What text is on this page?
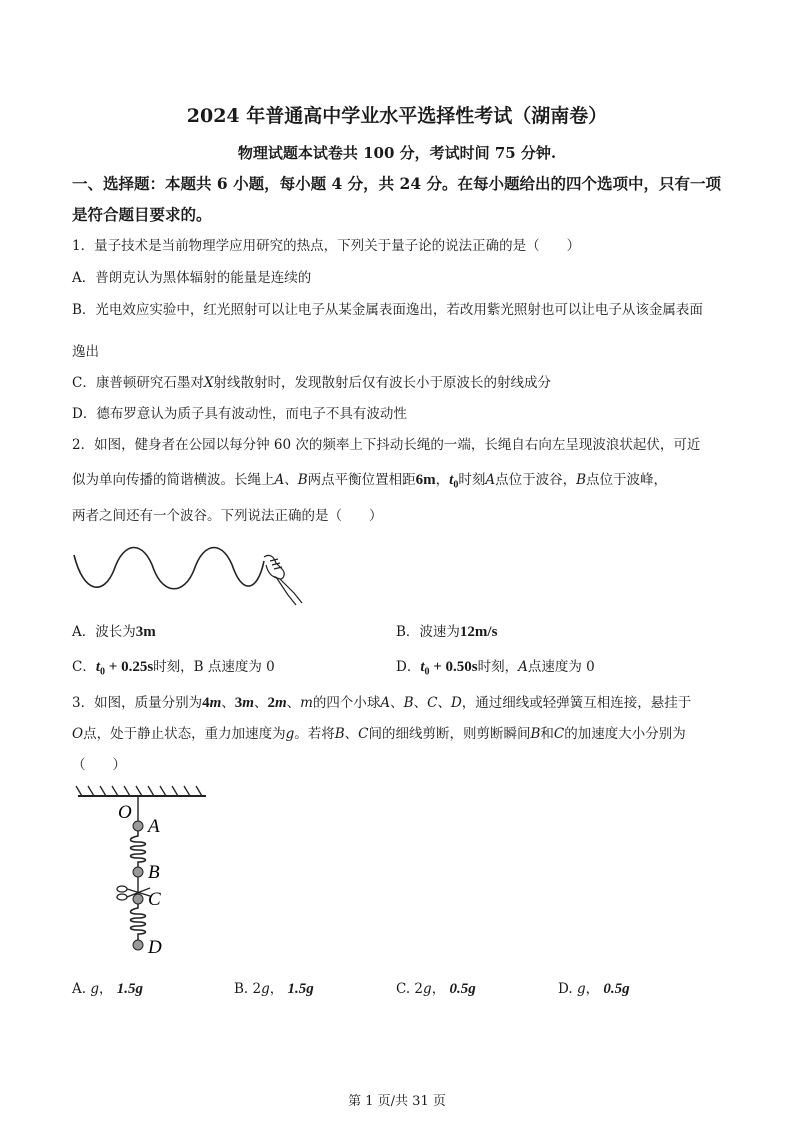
2024 年普通高中学业水平选择性考试（湖南卷）
物理试题本试卷共 100 分，考试时间 75 分钟.
一、选择题：本题共 6 小题，每小题 4 分，共 24 分。在每小题给出的四个选项中，只有一项
是符合题目要求的。
1．量子技术是当前物理学应用研究的热点，下列关于量子论的说法正确的是（　　）
A．普朗克认为黑体辐射的能量是连续的
B．光电效应实验中，红光照射可以让电子从某金属表面逸出，若改用紫光照射也可以让电子从该金属表面
逸出
C．康普顿研究石墨对X射线散射时，发现散射后仅有波长小于原波长的射线成分
D．德布罗意认为质子具有波动性，而电子不具有波动性
2．如图，健身者在公园以每分钟 60 次的频率上下抖动长绳的一端，长绳自右向左呈现波浪状起伏，可近
似为单向传播的简谐横波。长绳上A、B两点平衡位置相距6m，$t_0$时刻A点位于波谷，B点位于波峰，
两者之间还有一个波谷。下列说法正确的是（　　）
A．波长为3m	B．波速为12m/s
C．$t_0 + 0.25s$时刻，B 点速度为 0	D．$t_0 + 0.50s$时刻，A点速度为 0
3．如图，质量分别为4m、3m、2m、m的四个小球A、B、C、D，通过细线或轻弹簧互相连接，悬挂于
O点，处于静止状态，重力加速度为g。若将B、C间的细线剪断，则剪断瞬间B和C的加速度大小分别为
（　　）
O
A
B
C
D
A. g， 1.5g	B. 2g， 1.5g	C. 2g， 0.5g	D. g， 0.5g
第 1 页/共 31 页
